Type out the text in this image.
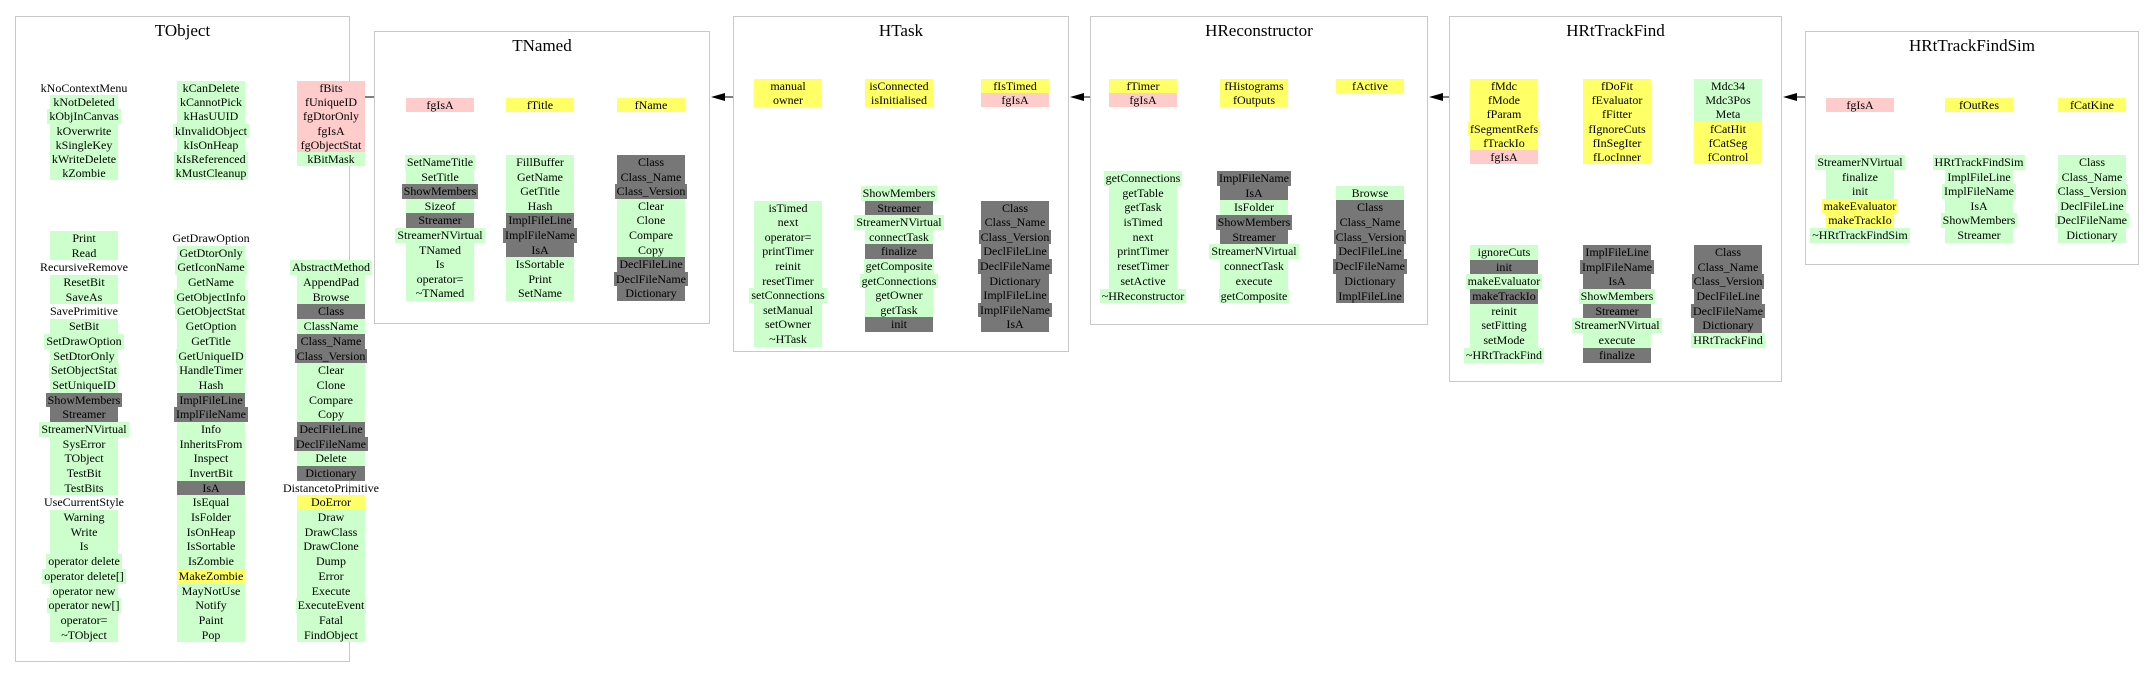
TObject
kNoContextMenu
kNotDeleted
kObjInCanvas
kOverwrite
kSingleKey
kWriteDelete
kZombie
kCanDelete
kCannotPick
kHasUUID
kInvalidObject
kIsOnHeap
kIsReferenced
kMustCleanup
fBits
fUniqueID
fgDtorOnly
fgIsA
fgObjectStat
kBitMask
Print
Read
RecursiveRemove
ResetBit
SaveAs
SavePrimitive
SetBit
SetDrawOption
SetDtorOnly
SetObjectStat
SetUniqueID
ShowMembers
Streamer
StreamerNVirtual
SysError
TObject
TestBit
TestBits
UseCurrentStyle
Warning
Write
Is
operator delete
operator delete[]
operator new
operator new[]
operator=
~TObject
GetDrawOption
GetDtorOnly
GetIconName
GetName
GetObjectInfo
GetObjectStat
GetOption
GetTitle
GetUniqueID
HandleTimer
Hash
ImplFileLine
ImplFileName
Info
InheritsFrom
Inspect
InvertBit
IsA
IsEqual
IsFolder
IsOnHeap
IsSortable
IsZombie
MakeZombie
MayNotUse
Notify
Paint
Pop
AbstractMethod
AppendPad
Browse
Class
ClassName
Class_Name
Class_Version
Clear
Clone
Compare
Copy
DeclFileLine
DeclFileName
Delete
Dictionary
DistancetoPrimitive
DoError
Draw
DrawClass
DrawClone
Dump
Error
Execute
ExecuteEvent
Fatal
FindObject
TNamed
fgIsA	fTitle	fName
SetNameTitle
SetTitle
ShowMembers
Sizeof
Streamer
StreamerNVirtual
TNamed
Is
operator=
~TNamed
FillBuffer
GetName
GetTitle
Hash
ImplFileLine
ImplFileName
IsA
IsSortable
Print
SetName
Class
Class_Name
Class_Version
Clear
Clone
Compare
Copy
DeclFileLine
DeclFileName
Dictionary
HTask
manual
owner
isConnected
isInitialised
fIsTimed
fgIsA
isTimed
next
operator=
printTimer
reinit
resetTimer
setConnections
setManual
setOwner
~HTask
ShowMembers
Streamer
StreamerNVirtual
connectTask
finalize
getComposite
getConnections
getOwner
getTask
init
Class
Class_Name
Class_Version
DeclFileLine
DeclFileName
Dictionary
ImplFileLine
ImplFileName
IsA
HReconstructor
fTimer
fgIsA
fHistograms
fOutputs
fActive
getConnections
getTable
getTask
isTimed
next
printTimer
resetTimer
setActive
~HReconstructor
ImplFileName
IsA
IsFolder
ShowMembers
Streamer
StreamerNVirtual
connectTask
execute
getComposite
Browse
Class
Class_Name
Class_Version
DeclFileLine
DeclFileName
Dictionary
ImplFileLine
HRtTrackFind
fMdc
fMode
fParam
fSegmentRefs
fTrackIo
fgIsA
fDoFit
fEvaluator
fFitter
fIgnoreCuts
fInSegIter
fLocInner
Mdc34
Mdc3Pos
Meta
fCatHit
fCatSeg
fControl
ignoreCuts
init
makeEvaluator
makeTrackIo
reinit
setFitting
setMode
~HRtTrackFind
ImplFileLine
ImplFileName
IsA
ShowMembers
Streamer
StreamerNVirtual
execute
finalize
Class
Class_Name
Class_Version
DeclFileLine
DeclFileName
Dictionary
HRtTrackFind
HRtTrackFindSim
fgIsA	fOutRes	fCatKine
StreamerNVirtual
finalize
init
makeEvaluator
makeTrackIo
~HRtTrackFindSim
HRtTrackFindSim
ImplFileLine
ImplFileName
IsA
ShowMembers
Streamer
Class
Class_Name
Class_Version
DeclFileLine
DeclFileName
Dictionary
